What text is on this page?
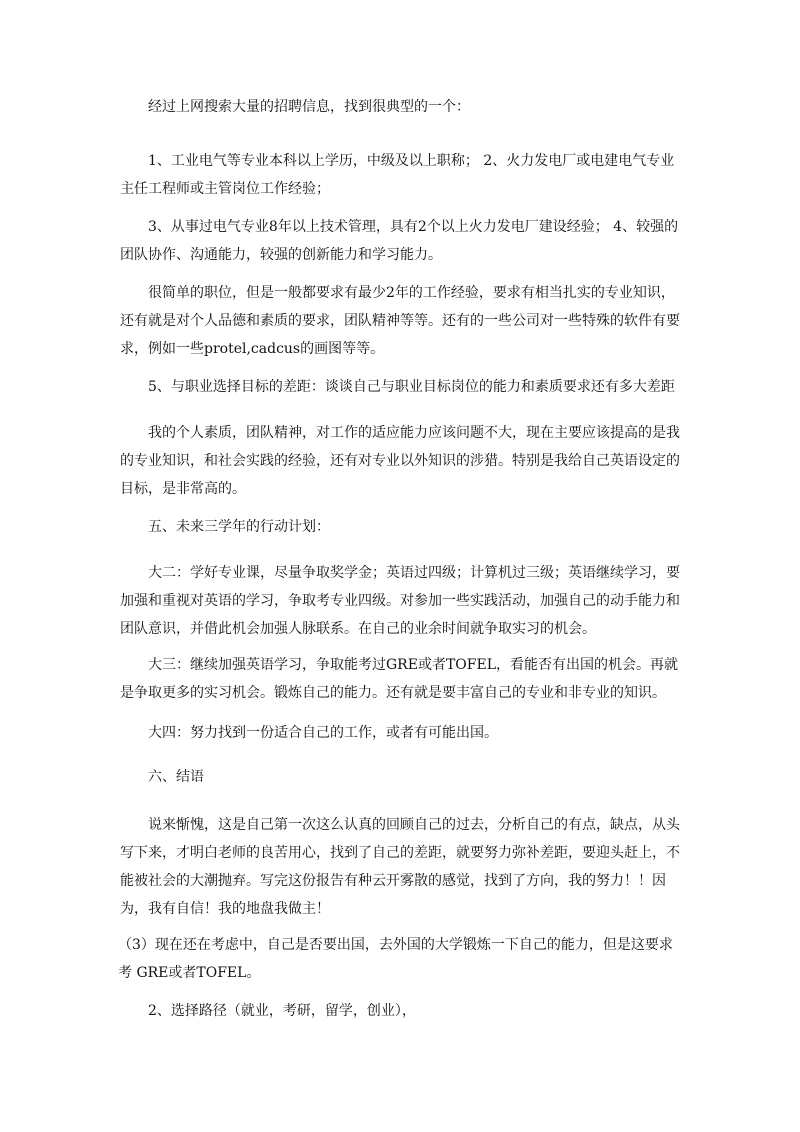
经过上网搜索大量的招聘信息，找到很典型的一个：

1、工业电气等专业本科以上学历，中级及以上职称； 2、火力发电厂或电建电气专业主任工程师或主管岗位工作经验；

3、从事过电气专业8年以上技术管理，具有2个以上火力发电厂建设经验； 4、较强的团队协作、沟通能力，较强的创新能力和学习能力。

很简单的职位，但是一般都要求有最少2年的工作经验，要求有相当扎实的专业知识，还有就是对个人品德和素质的要求，团队精神等等。还有的一些公司对一些特殊的软件有要求，例如一些protel,cadcus的画图等等。

5、与职业选择目标的差距：谈谈自己与职业目标岗位的能力和素质要求还有多大差距

我的个人素质，团队精神，对工作的适应能力应该问题不大，现在主要应该提高的是我的专业知识，和社会实践的经验，还有对专业以外知识的涉猎。特别是我给自己英语设定的目标，是非常高的。

五、未来三学年的行动计划：

大二：学好专业课，尽量争取奖学金；英语过四级；计算机过三级；英语继续学习，要加强和重视对英语的学习，争取考专业四级。对参加一些实践活动，加强自己的动手能力和团队意识，并借此机会加强人脉联系。在自己的业余时间就争取实习的机会。

大三：继续加强英语学习，争取能考过GRE或者TOFEL，看能否有出国的机会。再就是争取更多的实习机会。锻炼自己的能力。还有就是要丰富自己的专业和非专业的知识。

大四：努力找到一份适合自己的工作，或者有可能出国。

六、结语

说来惭愧，这是自己第一次这么认真的回顾自己的过去，分析自己的有点，缺点，从头写下来，才明白老师的良苦用心，找到了自己的差距，就要努力弥补差距，要迎头赶上，不能被社会的大潮抛弃。写完这份报告有种云开雾散的感觉，找到了方向，我的努力！！因为，我有自信！我的地盘我做主！

（3）现在还在考虑中，自己是否要出国，去外国的大学锻炼一下自己的能力，但是这要求考 GRE或者TOFEL。

2、选择路径（就业，考研，留学，创业），
